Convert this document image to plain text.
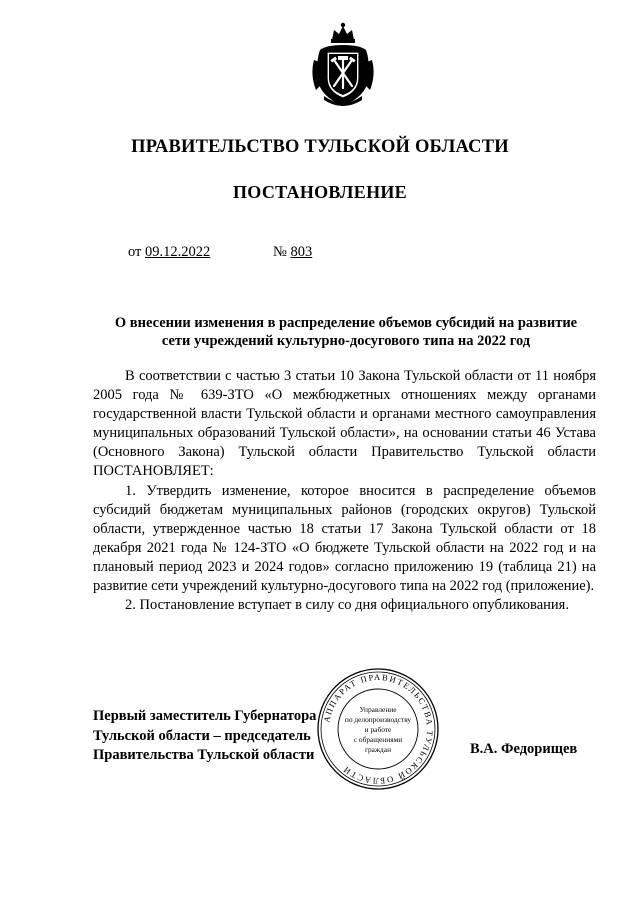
ПРАВИТЕЛЬСТВО ТУЛЬСКОЙ ОБЛАСТИ
ПОСТАНОВЛЕНИЕ
от 09.12.2022	№ 803
О внесении изменения в распределение объемов субсидий на развитие
сети учреждений культурно-досугового типа на 2022 год

В соответствии с частью 3 статьи 10 Закона Тульской области от 11 ноября 2005 года № 639-ЗТО «О межбюджетных отношениях между органами государственной власти Тульской области и органами местного самоуправления муниципальных образований Тульской области», на основании статьи 46 Устава (Основного Закона) Тульской области Правительство Тульской области ПОСТАНОВЛЯЕТ:

1. Утвердить изменение, которое вносится в распределение объемов субсидий бюджетам муниципальных районов (городских округов) Тульской области, утвержденное частью 18 статьи 17 Закона Тульской области от 18 декабря 2021 года № 124-ЗТО «О бюджете Тульской области на 2022 год и на плановый период 2023 и 2024 годов» согласно приложению 19 (таблица 21) на развитие сети учреждений культурно-досугового типа на 2022 год (приложение).

2. Постановление вступает в силу со дня официального опубликования.

Первый заместитель Губернатора
Тульской области – председатель
Правительства Тульской области	В.А. Федорищев
АППАРАТ ПРАВИТЕЛЬСТВА ТУЛЬСКОЙ ОБЛАСТИ
Управление
по делопроизводству
и работе
с обращениями
граждан
